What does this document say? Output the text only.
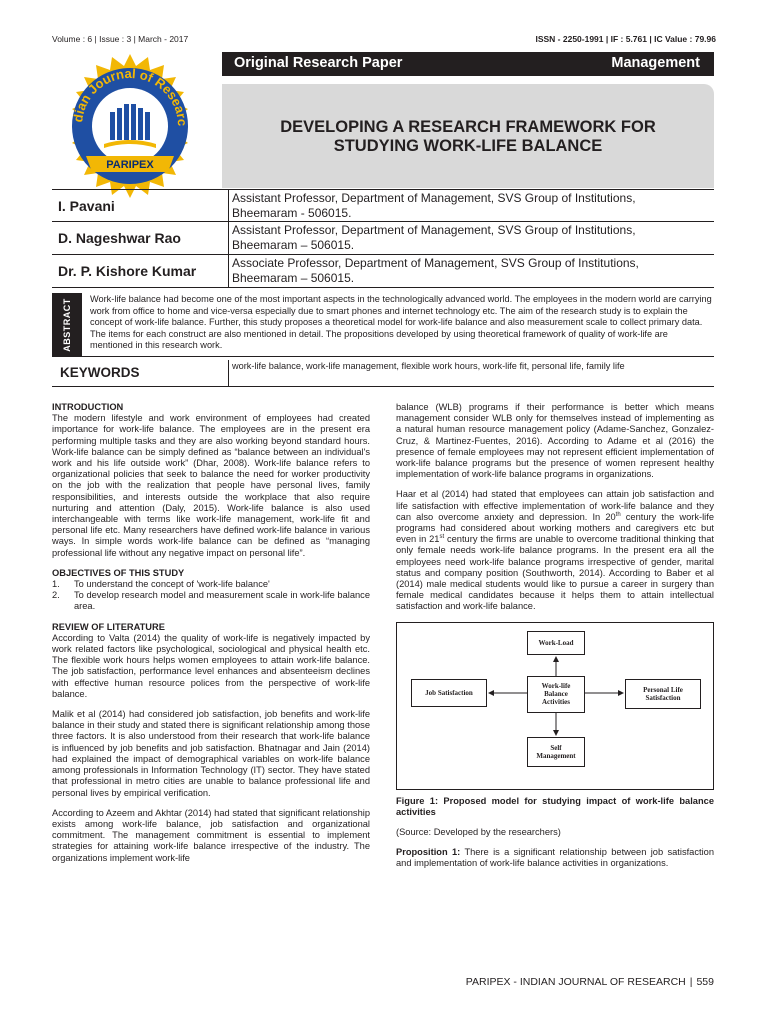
Volume : 6 | Issue : 3 | March - 2017	ISSN - 2250-1991 | IF : 5.761 | IC Value : 79.96
dian Journal of Researc
PARIPEX
Original Research Paper	Management
DEVELOPING A RESEARCH FRAMEWORK FOR
STUDYING WORK-LIFE BALANCE
I. Pavani	Assistant Professor, Department of Management, SVS Group of Institutions,
Bheemaram - 506015.
D. Nageshwar Rao	Assistant Professor, Department of Management, SVS Group of Institutions,
Bheemaram – 506015.
Dr. P. Kishore Kumar	Associate Professor, Department of Management, SVS Group of Institutions,
Bheemaram – 506015.
ABSTRACT Work-life balance had become one of the most important aspects in the technologically advanced world. The employees in the modern world are carrying work from office to home and vice-versa especially due to smart phones and internet technology etc. The aim of the research study is to explain the concept of work-life balance. Further, this study proposes a theoretical model for work-life balance and also measurement scale to collect primary data. The items for each construct are also mentioned in detail. The propositions developed by using theoretical framework of quality of work-life are mentioned in this research work.

KEYWORDS	work-life balance, work-life management, flexible work hours, work-life fit, personal life, family life
INTRODUCTION

The modern lifestyle and work environment of employees had created importance for work-life balance. The employees are in the present era performing multiple tasks and they are also working beyond standard hours. Work-life balance can be simply defined as “balance between an individual's work and his life outside work” (Dhar, 2008). Work-life balance refers to organizational policies that seek to balance the need for worker productivity on the job with the realization that people have personal lives, family responsibilities, and interests outside the workplace that also require nurturing and attention (Daly, 2015). Work-life balance is also used interchangeable with terms like work-life management, work-life fit and personal life etc. Many researchers have defined work-life balance in various ways. In simple words work-life balance can be defined as “managing professional life without any negative impact on personal life”.

OBJECTIVES OF THIS STUDY
1. To understand the concept of 'work-life balance'
2. To develop research model and measurement scale in work-life balance area.
REVIEW OF LITERATURE

According to Valta (2014) the quality of work-life is negatively impacted by work related factors like psychological, sociological and physical health etc. The flexible work hours helps women employees to attain work-life balance. The job satisfaction, performance level enhances and absenteeism declines with effective human resource polices from the perspective of work-life balance.

Malik et al (2014) had considered job satisfaction, job benefits and work-life balance in their study and stated there is significant relationship among those three factors. It is also understood from their research that work-life balance is influenced by job benefits and job satisfaction. Bhatnagar and Jain (2014) had explained the impact of demographical variables on work-life balance among professionals in Information Technology (IT) sector. They have stated that professional in metro cities are unable to balance professional life and personal lives by empirical verification.

According to Azeem and Akhtar (2014) had stated that significant relationship exists among work-life balance, job satisfaction and organizational commitment. The management commitment is essential to implement strategies for attaining work-life balance irrespective of the industry. The organizations implement work-life

balance (WLB) programs if their performance is better which means management consider WLB only for themselves instead of implementing as a natural human resource management policy (Adame-Sanchez, Gonzalez-Cruz, & Martinez-Fuentes, 2016). According to Adame et al (2016) the presence of female employees may not represent efficient implementation of work-life balance programs but the presence of women represent healthy implementation of work-life balance programs in organizations.

Haar et al (2014) had stated that employees can attain job satisfaction and life satisfaction with effective implementation of work-life balance and they can also overcome anxiety and depression. In 20th century the work-life programs had considered about working mothers and caregivers etc but even in 21st century the firms are unable to overcome traditional thinking that only female needs work-life balance programs. In the present era all the employees need work-life balance programs irrespective of gender, marital status and company position (Southworth, 2014). According to Baber et al (2014) male medical students would like to pursue a career in surgery than female medical candidates because it helps them to attain intellectual satisfaction and work-life balance.

Work-Load
Job Satisfaction
Work-life
Balance
Activities
Personal Life
Satisfaction
Self
Management

Figure 1: Proposed model for studying impact of work-life balance activities

(Source: Developed by the researchers)

Proposition 1: There is a significant relationship between job satisfaction and implementation of work-life balance activities in organizations.

PARIPEX - INDIAN JOURNAL OF RESEARCH | 559
